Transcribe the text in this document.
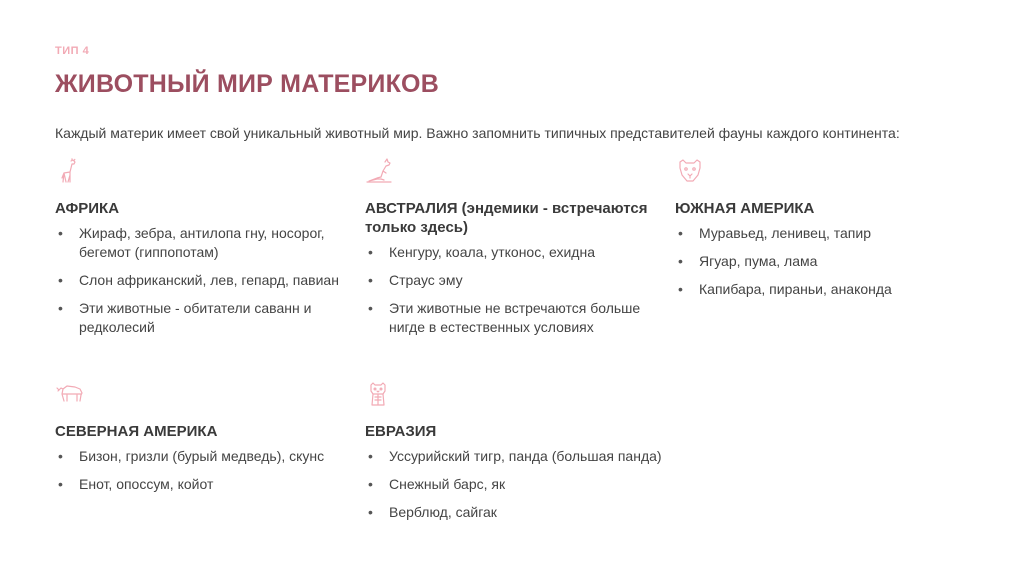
ТИП 4
ЖИВОТНЫЙ МИР МАТЕРИКОВ
Каждый материк имеет свой уникальный животный мир. Важно запомнить типичных представителей фауны каждого континента:
АФРИКА
• Жираф, зебра, антилопа гну, носорог, бегемот (гиппопотам)
• Слон африканский, лев, гепард, павиан
• Эти животные - обитатели саванн и редколесий
АВСТРАЛИЯ (эндемики - встречаются только здесь)
• Кенгуру, коала, утконос, ехидна
• Страус эму
• Эти животные не встречаются больше нигде в естественных условиях
ЮЖНАЯ АМЕРИКА
• Муравьед, ленивец, тапир
• Ягуар, пума, лама
• Капибара, пираньи, анаконда
СЕВЕРНАЯ АМЕРИКА
• Бизон, гризли (бурый медведь), скунс
• Енот, опоссум, койот
ЕВРАЗИЯ
• Уссурийский тигр, панда (большая панда)
• Снежный барс, як
• Верблюд, сайгак
